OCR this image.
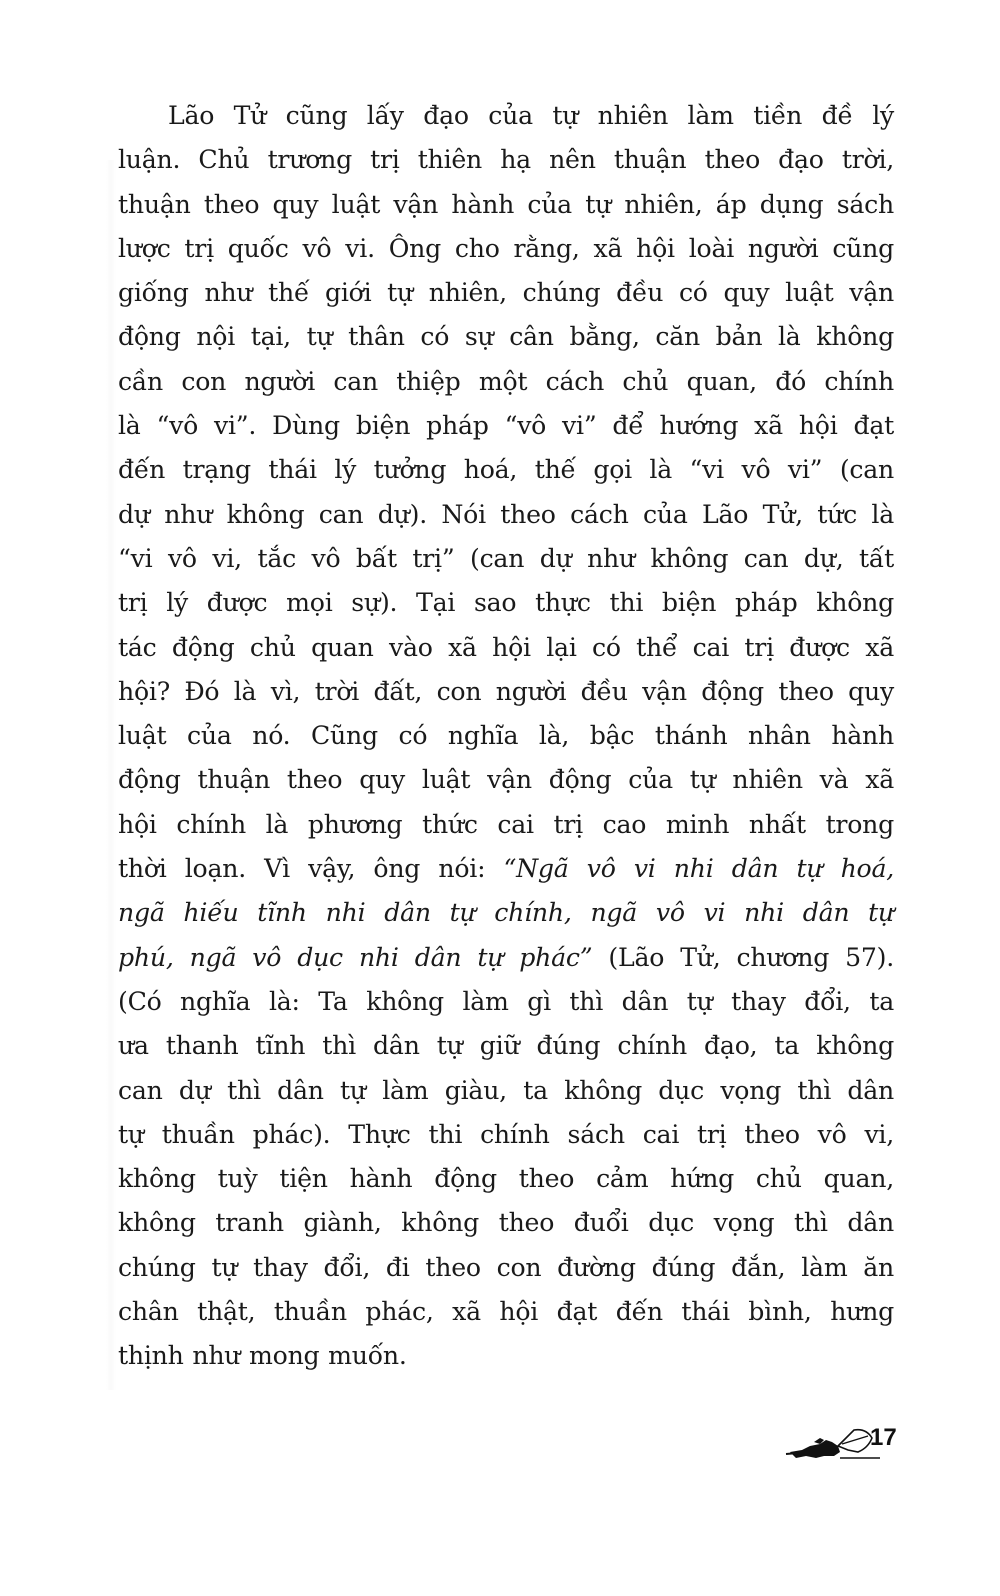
Lão Tử cũng lấy đạo của tự nhiên làm tiền đề lý
luận. Chủ trương trị thiên hạ nên thuận theo đạo trời,
thuận theo quy luật vận hành của tự nhiên, áp dụng sách
lược trị quốc vô vi. Ông cho rằng, xã hội loài người cũng
giống như thế giới tự nhiên, chúng đều có quy luật vận
động nội tại, tự thân có sự cân bằng, căn bản là không
cần con người can thiệp một cách chủ quan, đó chính
là “vô vi”. Dùng biện pháp “vô vi” để hướng xã hội đạt
đến trạng thái lý tưởng hoá, thế gọi là “vi vô vi” (can
dự như không can dự). Nói theo cách của Lão Tử, tức là
“vi vô vi, tắc vô bất trị” (can dự như không can dự, tất
trị lý được mọi sự). Tại sao thực thi biện pháp không
tác động chủ quan vào xã hội lại có thể cai trị được xã
hội? Đó là vì, trời đất, con người đều vận động theo quy
luật của nó. Cũng có nghĩa là, bậc thánh nhân hành
động thuận theo quy luật vận động của tự nhiên và xã
hội chính là phương thức cai trị cao minh nhất trong
thời loạn. Vì vậy, ông nói: “Ngã vô vi nhi dân tự hoá,
ngã hiếu tĩnh nhi dân tự chính, ngã vô vi nhi dân tự
phú, ngã vô dục nhi dân tự phác” (Lão Tử, chương 57).
(Có nghĩa là: Ta không làm gì thì dân tự thay đổi, ta
ưa thanh tĩnh thì dân tự giữ đúng chính đạo, ta không
can dự thì dân tự làm giàu, ta không dục vọng thì dân
tự thuần phác). Thực thi chính sách cai trị theo vô vi,
không tuỳ tiện hành động theo cảm hứng chủ quan,
không tranh giành, không theo đuổi dục vọng thì dân
chúng tự thay đổi, đi theo con đường đúng đắn, làm ăn
chân thật, thuần phác, xã hội đạt đến thái bình, hưng
thịnh như mong muốn.
17
